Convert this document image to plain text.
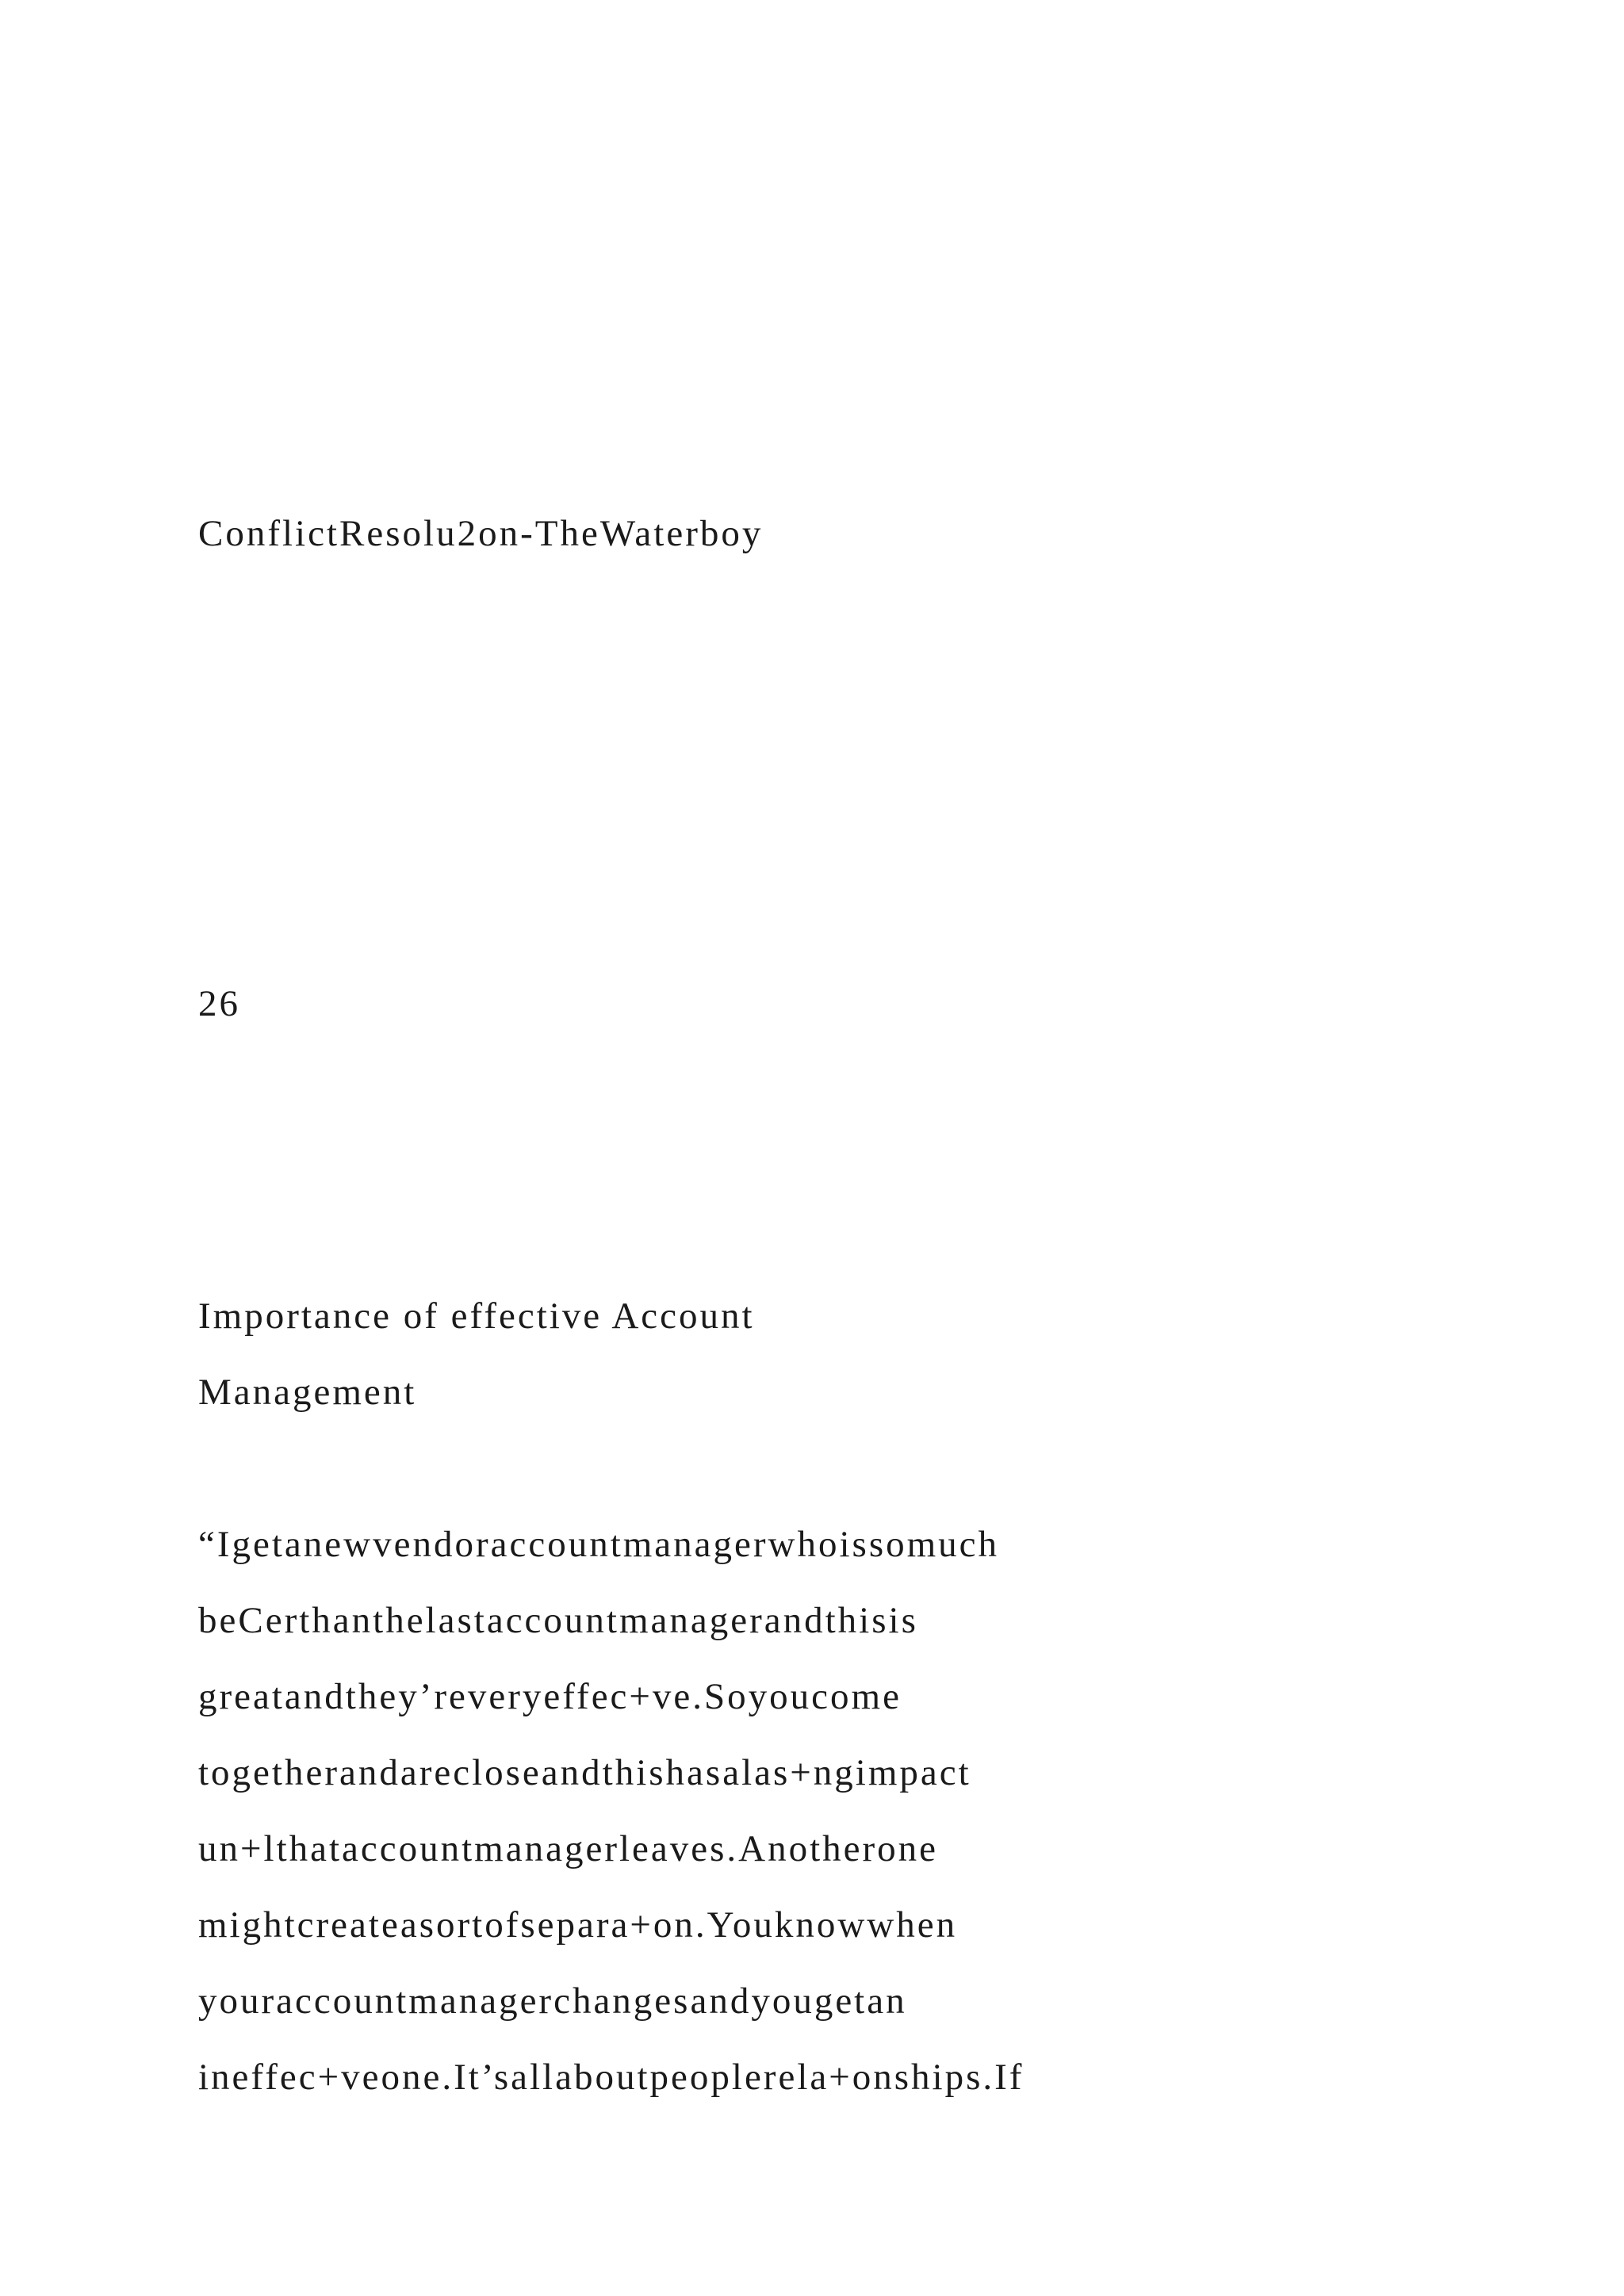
ConflictResolu2on-TheWaterboy
26
Importance of effective Account
Management
“Igetanewvendoraccountmanagerwhoissomuch
beCerthanthelastaccountmanagerandthisis
greatandthey’reveryeffec+ve.Soyoucome
togetherandarecloseandthishasalas+ngimpact
un+lthataccountmanagerleaves.Anotherone
mightcreateasortofsepara+on.Youknowwhen
youraccountmanagerchangesandyougetan
ineffec+veone.It’sallaboutpeoplerela+onships.If
